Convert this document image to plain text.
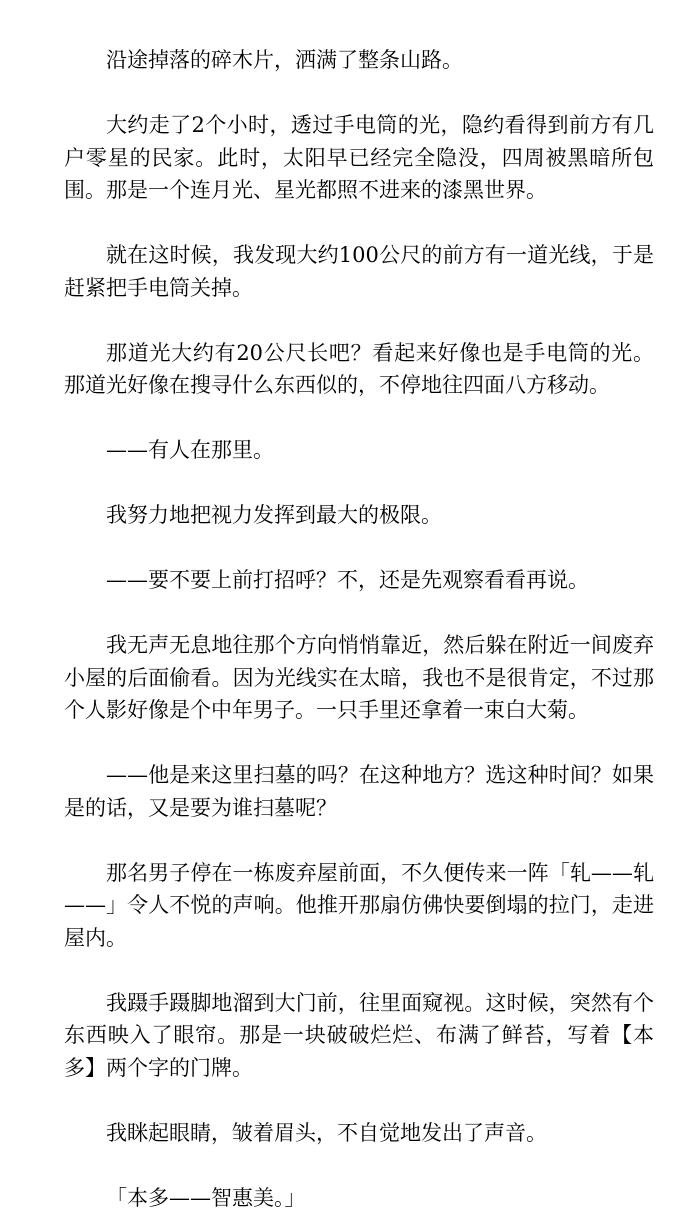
沿途掉落的碎木片，洒满了整条山路。

大约走了2个小时，透过手电筒的光，隐约看得到前方有几户零星的民家。此时，太阳早已经完全隐没，四周被黑暗所包围。那是一个连月光、星光都照不进来的漆黑世界。

就在这时候，我发现大约100公尺的前方有一道光线，于是赶紧把手电筒关掉。

那道光大约有20公尺长吧？看起来好像也是手电筒的光。那道光好像在搜寻什么东西似的，不停地往四面八方移动。

——有人在那里。

我努力地把视力发挥到最大的极限。

——要不要上前打招呼？不，还是先观察看看再说。

我无声无息地往那个方向悄悄靠近，然后躲在附近一间废弃小屋的后面偷看。因为光线实在太暗，我也不是很肯定，不过那个人影好像是个中年男子。一只手里还拿着一束白大菊。

——他是来这里扫墓的吗？在这种地方？选这种时间？如果是的话，又是要为谁扫墓呢？

那名男子停在一栋废弃屋前面，不久便传来一阵「轧——轧——」令人不悦的声响。他推开那扇仿佛快要倒塌的拉门，走进屋内。

我蹑手蹑脚地溜到大门前，往里面窥视。这时候，突然有个东西映入了眼帘。那是一块破破烂烂、布满了鲜苔，写着【本多】两个字的门牌。

我眯起眼睛，皱着眉头，不自觉地发出了声音。

「本多——智惠美。」
